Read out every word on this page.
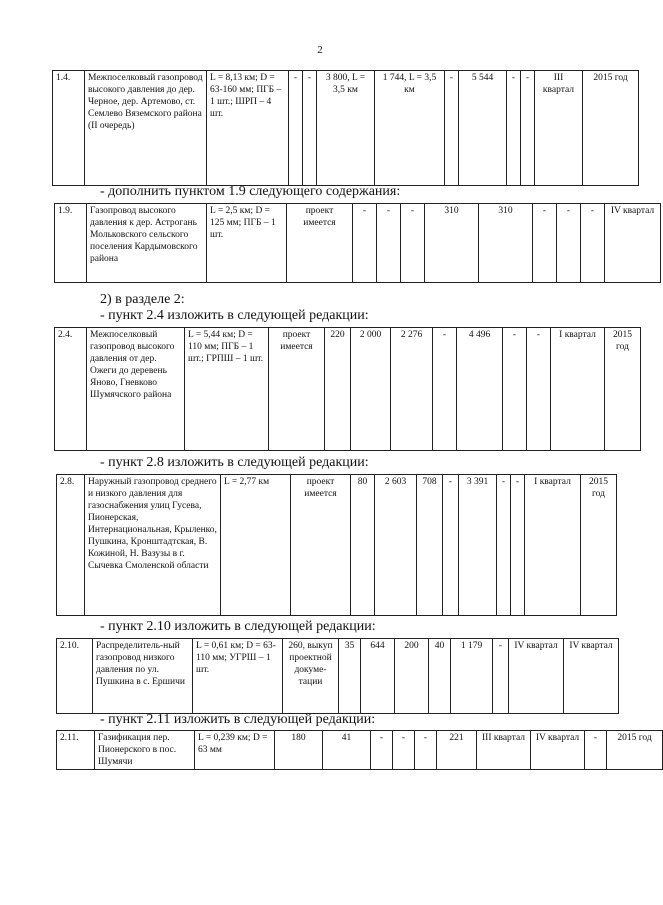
2
1.4.	Межпоселковый газопровод высокого давления до дер. Черное, дер. Артемово, ст. Семлево Вяземского района (II очередь)	L = 8,13 км; D = 63-160 мм; ПГБ – 1 шт.; ШРП – 4 шт.	-	-	3 800, L = 3,5 км	1 744, L = 3,5 км	-	5 544	-	-	III квартал	2015 год
- дополнить пунктом 1.9 следующего содержания:
1.9.	Газопровод высокого давления к дер. Астрогань Мольковского сельского поселения Кардымовского района	L = 2,5 км; D = 125 мм; ПГБ – 1 шт.	проект имеется	-	-	-	310	310	-	-	-	IV квартал
2) в разделе 2:
- пункт 2.4 изложить в следующей редакции:
2.4.	Межпоселковый газопровод высокого давления от дер. Ожеги до деревень Яново, Гневково Шумячского района	L = 5,44 км; D = 110 мм; ПГБ – 1 шт.; ГРПШ – 1 шт.	проект имеется	220	2 000	2 276	-	4 496	-	-	I квартал	2015 год
- пункт 2.8 изложить в следующей редакции:
2.8.	Наружный газопровод среднего и низкого давления для газоснабжения улиц Гусева, Пионерская, Интернациональная, Крыленко, Пушкина, Кронштадтская, В. Кожиной, Н. Вазузы в г. Сычевка Смоленской области	L = 2,77 км	проект имеется	80	2 603	708	-	3 391	-	-	I квартал	2015 год
- пункт 2.10 изложить в следующей редакции:
2.10.	Распределитель-ный газопровод низкого давления по ул. Пушкина в с. Ершичи	L = 0,61 км; D = 63-110 мм; УГРШ – 1 шт.	260, выкуп проектной докуме-тации	35	644	200	40	1 179	-	IV квартал	IV квартал
- пункт 2.11 изложить в следующей редакции:
2.11.	Газификация пер. Пионерского в пос. Шумячи	L = 0,239 км; D = 63 мм	180	41	-	-	-	221	III квартал	IV квартал	-	2015 год
